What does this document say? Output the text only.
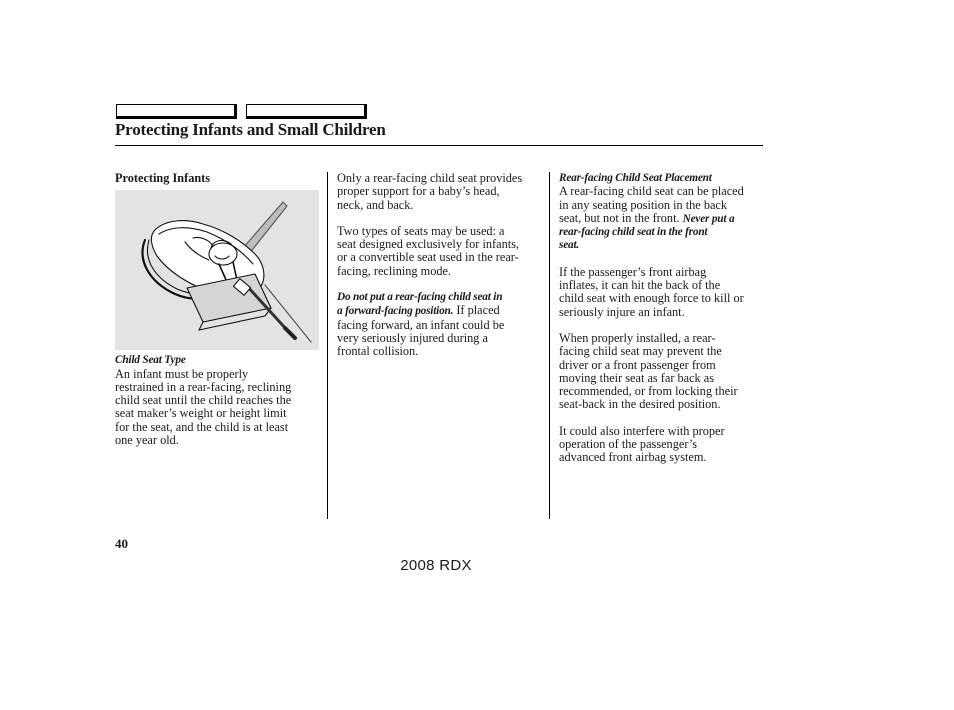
Protecting Infants and Small Children

Protecting Infants

Child Seat Type

An infant must be properly

restrained in a rear-facing, reclining

child seat until the child reaches the

seat maker’s weight or height limit

for the seat, and the child is at least

one year old.

Only a rear-facing child seat provides

proper support for a baby’s head,

neck, and back.

Two types of seats may be used: a

seat designed exclusively for infants,

or a convertible seat used in the rear-

facing, reclining mode.

Do not put a rear-facing child seat in

a forward-facing position. If placed

facing forward, an infant could be

very seriously injured during a

frontal collision.

Rear-facing Child Seat Placement

A rear-facing child seat can be placed

in any seating position in the back

seat, but not in the front. Never put a

rear-facing child seat in the front

seat.

If the passenger’s front airbag

inflates, it can hit the back of the

child seat with enough force to kill or

seriously injure an infant.

When properly installed, a rear-

facing child seat may prevent the

driver or a front passenger from

moving their seat as far back as

recommended, or from locking their

seat-back in the desired position.

It could also interfere with proper

operation of the passenger’s

advanced front airbag system.

40
2008 RDX
